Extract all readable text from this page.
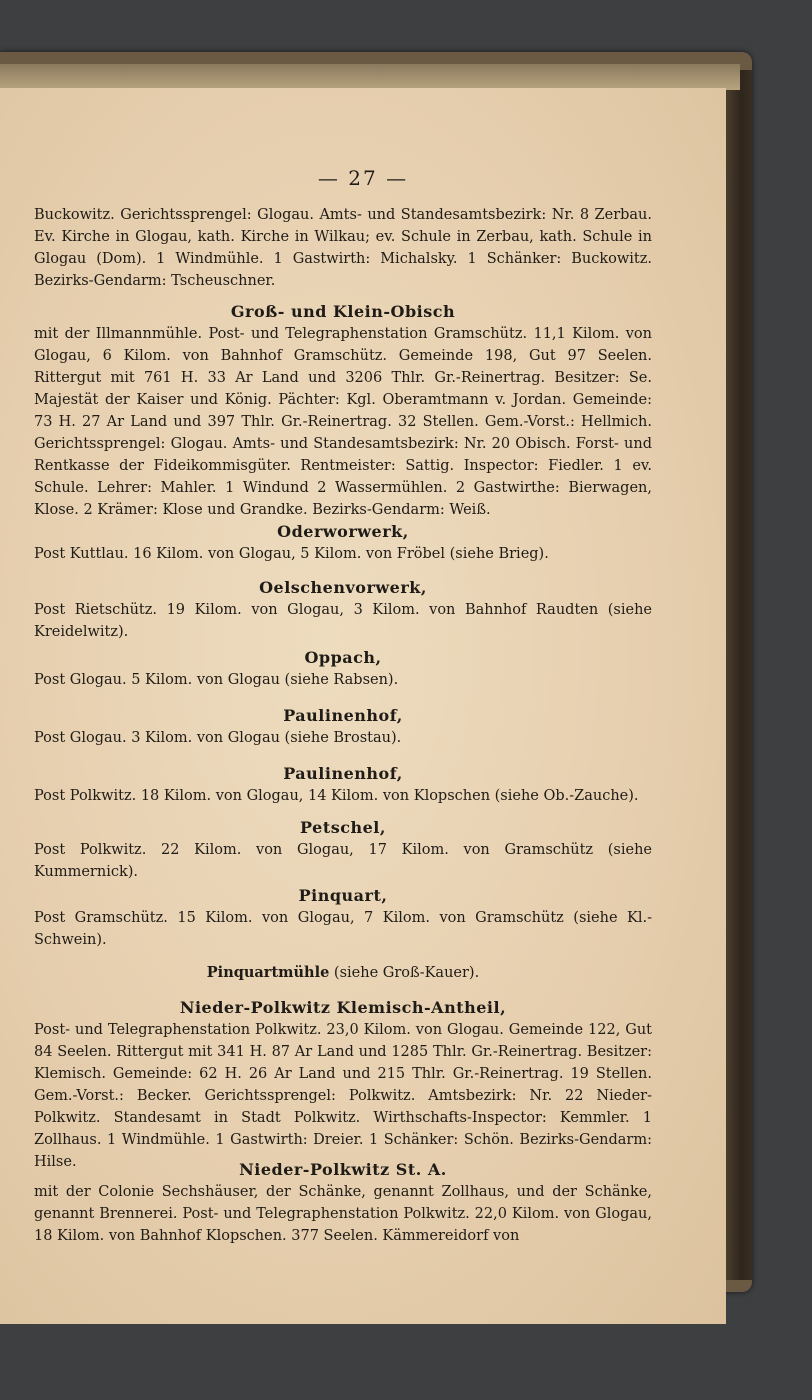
— 27 —
Buckowitz. Gerichtssprengel: Glogau. Amts- und Standesamtsbezirk: Nr. 8 Zerbau. Ev. Kirche in Glogau, kath. Kirche in Wilkau; ev. Schule in Zerbau, kath. Schule in Glogau (Dom). 1 Windmühle. 1 Gastwirth: Michalsky. 1 Schänker: Buckowitz. Bezirks-Gendarm: Tscheuschner.
Groß- und Klein-Obisch
mit der Illmannmühle. Post- und Telegraphenstation Gramschütz. 11,1 Kilom. von Glogau, 6 Kilom. von Bahnhof Gramschütz. Gemeinde 198, Gut 97 Seelen. Rittergut mit 761 H. 33 Ar Land und 3206 Thlr. Gr.-Reinertrag. Besitzer: Se. Majestät der Kaiser und König. Pächter: Kgl. Oberamtmann v. Jordan. Gemeinde: 73 H. 27 Ar Land und 397 Thlr. Gr.-Reinertrag. 32 Stellen. Gem.-Vorst.: Hellmich. Gerichtssprengel: Glogau. Amts- und Standesamtsbezirk: Nr. 20 Obisch. Forst- und Rentkasse der Fideikommisgüter. Rentmeister: Sattig. Inspector: Fiedler. 1 ev. Schule. Lehrer: Mahler. 1 Windund 2 Wassermühlen. 2 Gastwirthe: Bierwagen, Klose. 2 Krämer: Klose und Grandke. Bezirks-Gendarm: Weiß.
Oderworwerk,
Post Kuttlau. 16 Kilom. von Glogau, 5 Kilom. von Fröbel (siehe Brieg).
Oelschenvorwerk,
Post Rietschütz. 19 Kilom. von Glogau, 3 Kilom. von Bahnhof Raudten (siehe Kreidelwitz).
Oppach,
Post Glogau. 5 Kilom. von Glogau (siehe Rabsen).
Paulinenhof,
Post Glogau. 3 Kilom. von Glogau (siehe Brostau).
Paulinenhof,
Post Polkwitz. 18 Kilom. von Glogau, 14 Kilom. von Klopschen (siehe Ob.-Zauche).
Petschel,
Post Polkwitz. 22 Kilom. von Glogau, 17 Kilom. von Gramschütz (siehe Kummernick).
Pinquart,
Post Gramschütz. 15 Kilom. von Glogau, 7 Kilom. von Gramschütz (siehe Kl.-Schwein).
Pinquartmühle (siehe Groß-Kauer).
Nieder-Polkwitz Klemisch-Antheil,
Post- und Telegraphenstation Polkwitz. 23,0 Kilom. von Glogau. Gemeinde 122, Gut 84 Seelen. Rittergut mit 341 H. 87 Ar Land und 1285 Thlr. Gr.-Reinertrag. Besitzer: Klemisch. Gemeinde: 62 H. 26 Ar Land und 215 Thlr. Gr.-Reinertrag. 19 Stellen. Gem.-Vorst.: Becker. Gerichtssprengel: Polkwitz. Amtsbezirk: Nr. 22 Nieder-Polkwitz. Standesamt in Stadt Polkwitz. Wirthschafts-Inspector: Kemmler. 1 Zollhaus. 1 Windmühle. 1 Gastwirth: Dreier. 1 Schänker: Schön. Bezirks-Gendarm: Hilse.	Nieder-Polkwitz St. A.
mit der Colonie Sechshäuser, der Schänke, genannt Zollhaus, und der Schänke, genannt Brennerei. Post- und Telegraphenstation Polkwitz. 22,0 Kilom. von Glogau, 18 Kilom. von Bahnhof Klopschen. 377 Seelen. Kämmereidorf von
